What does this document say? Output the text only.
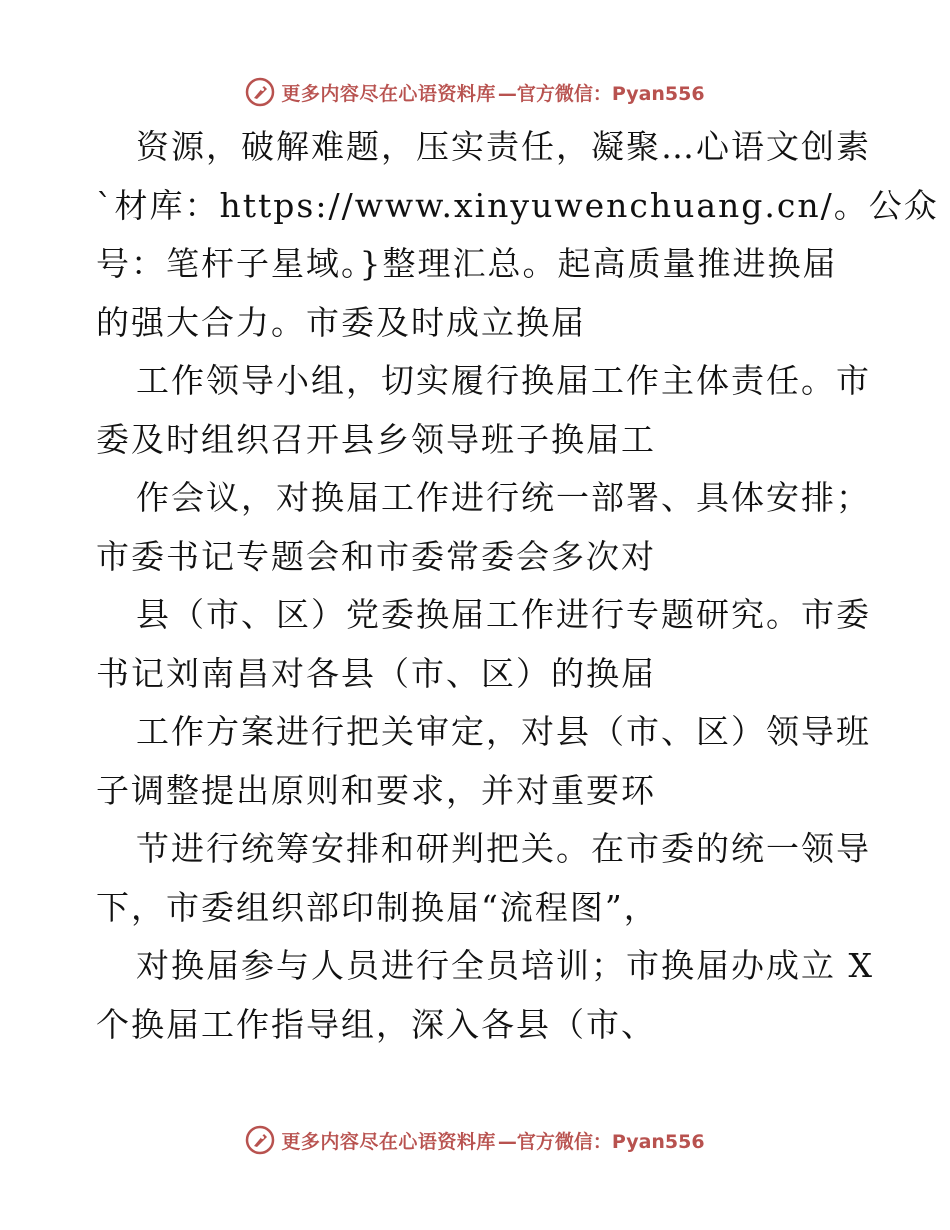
更多内容尽在心语资料库 —官方微信：Pyan556
资源，破解难题，压实责任，凝聚…心语文创素
`材库：https://www.xinyuwenchuang.cn/。公众
号：笔杆子星域。}整理汇总。起高质量推进换届
的强大合力。市委及时成立换届
工作领导小组，切实履行换届工作主体责任。市
委及时组织召开县乡领导班子换届工
作会议，对换届工作进行统一部署、具体安排；
市委书记专题会和市委常委会多次对
县（市、区）党委换届工作进行专题研究。市委
书记刘南昌对各县（市、区）的换届
工作方案进行把关审定，对县（市、区）领导班
子调整提出原则和要求，并对重要环
节进行统筹安排和研判把关。在市委的统一领导
下，市委组织部印制换届“流程图”，
对换届参与人员进行全员培训；市换届办成立 X
个换届工作指导组，深入各县（市、
更多内容尽在心语资料库 —官方微信：Pyan556
